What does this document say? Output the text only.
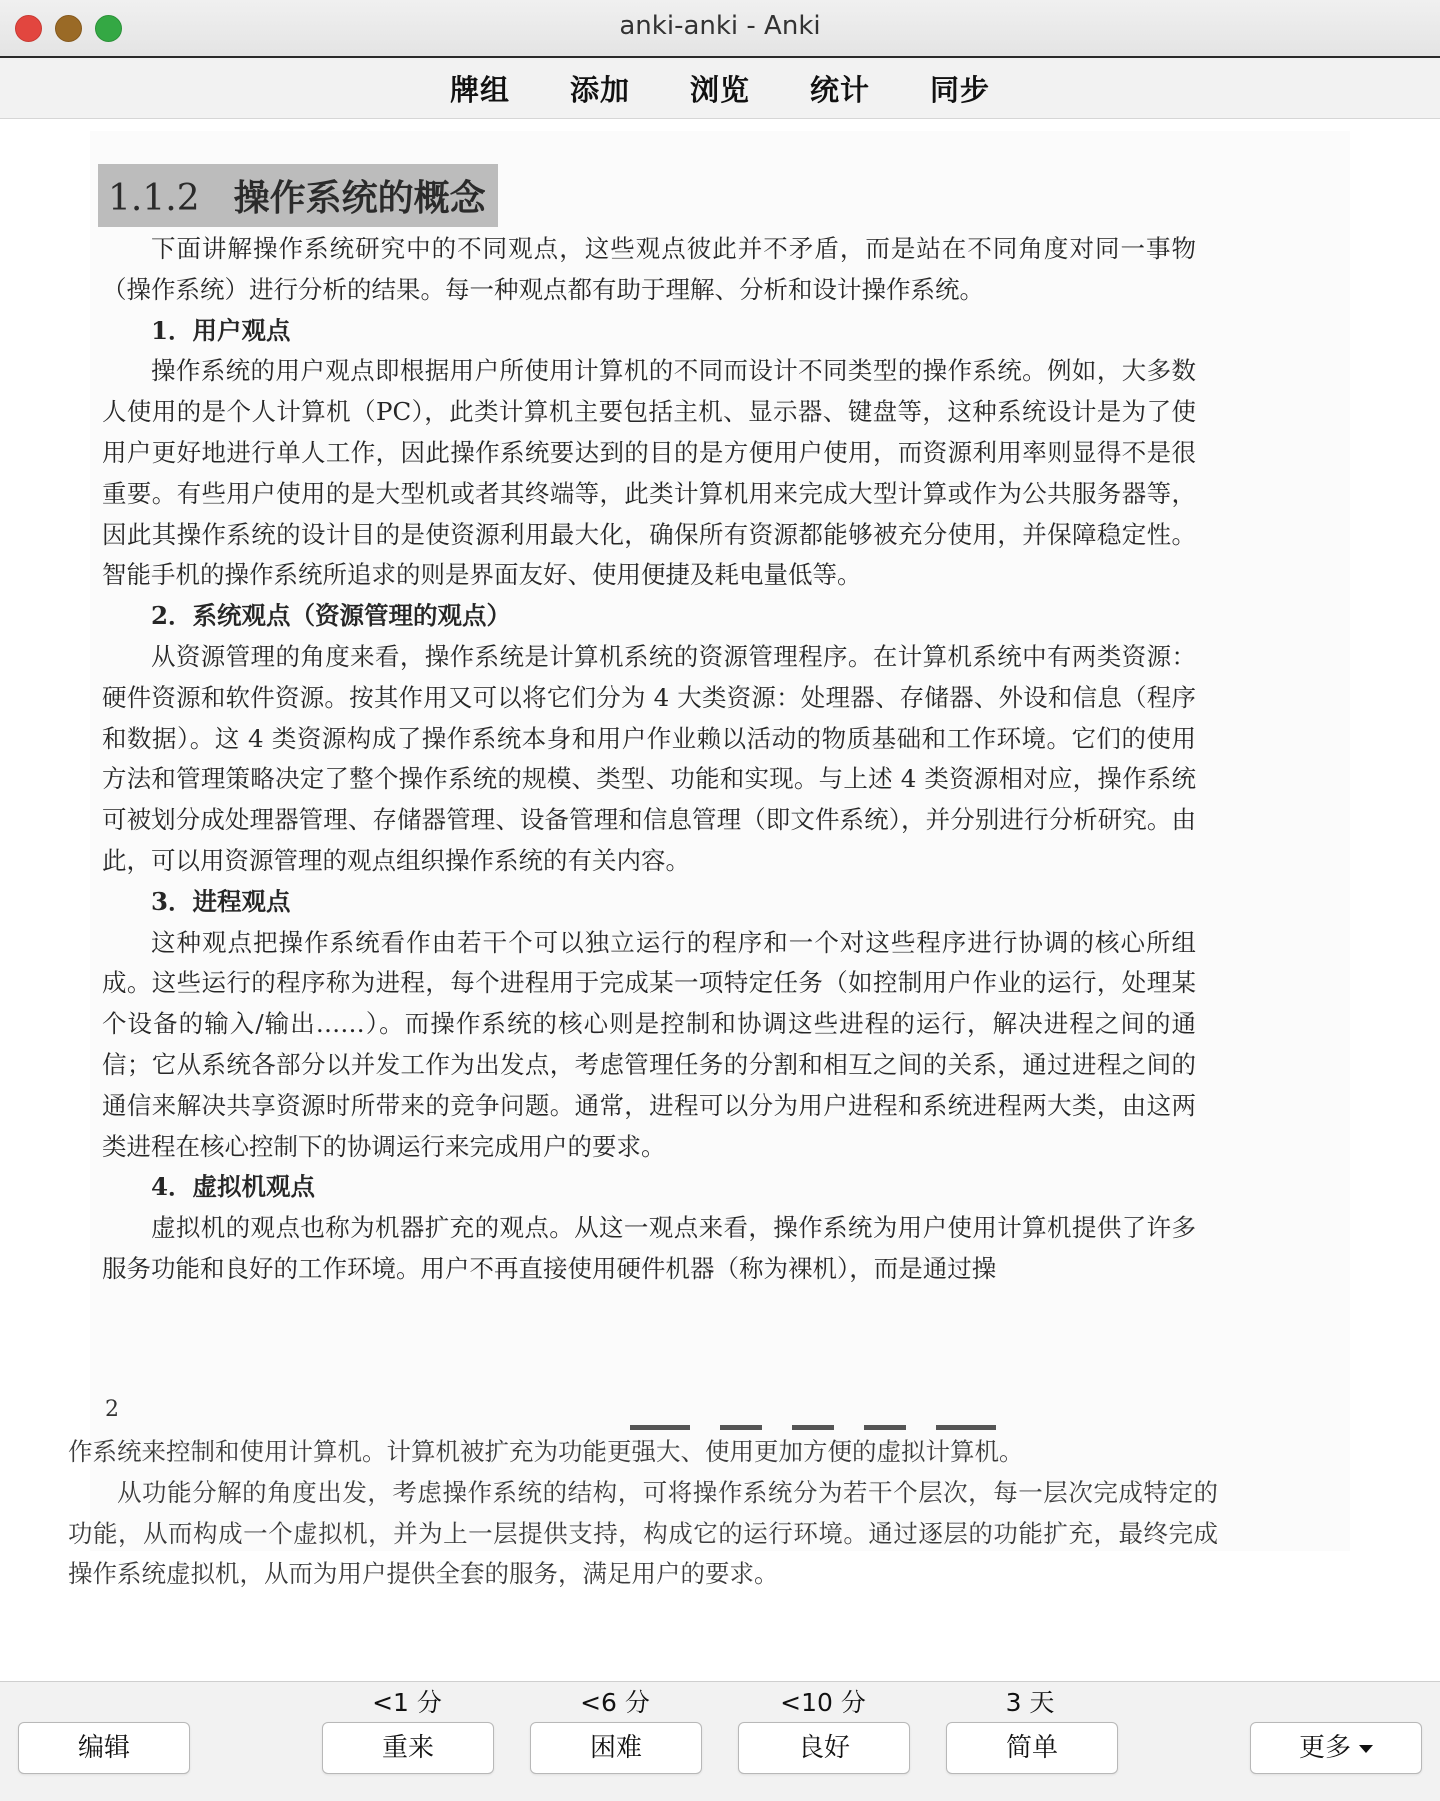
anki-anki - Anki
牌组 添加 浏览 统计 同步
1.1.2 操作系统的概念

下面讲解操作系统研究中的不同观点，这些观点彼此并不矛盾，而是站在不同角度对同一事物（操作系统）进行分析的结果。每一种观点都有助于理解、分析和设计操作系统。

1．用户观点

操作系统的用户观点即根据用户所使用计算机的不同而设计不同类型的操作系统。例如，大多数人使用的是个人计算机（PC），此类计算机主要包括主机、显示器、键盘等，这种系统设计是为了使用户更好地进行单人工作，因此操作系统要达到的目的是方便用户使用，而资源利用率则显得不是很重要。有些用户使用的是大型机或者其终端等，此类计算机用来完成大型计算或作为公共服务器等，因此其操作系统的设计目的是使资源利用最大化，确保所有资源都能够被充分使用，并保障稳定性。智能手机的操作系统所追求的则是界面友好、使用便捷及耗电量低等。

2．系统观点（资源管理的观点）

从资源管理的角度来看，操作系统是计算机系统的资源管理程序。在计算机系统中有两类资源：硬件资源和软件资源。按其作用又可以将它们分为 4 大类资源：处理器、存储器、外设和信息（程序和数据）。这 4 类资源构成了操作系统本身和用户作业赖以活动的物质基础和工作环境。它们的使用方法和管理策略决定了整个操作系统的规模、类型、功能和实现。与上述 4 类资源相对应，操作系统可被划分成处理器管理、存储器管理、设备管理和信息管理（即文件系统），并分别进行分析研究。由此，可以用资源管理的观点组织操作系统的有关内容。

3．进程观点

这种观点把操作系统看作由若干个可以独立运行的程序和一个对这些程序进行协调的核心所组成。这些运行的程序称为进程，每个进程用于完成某一项特定任务（如控制用户作业的运行，处理某个设备的输入/输出……）。而操作系统的核心则是控制和协调这些进程的运行，解决进程之间的通信；它从系统各部分以并发工作为出发点，考虑管理任务的分割和相互之间的关系，通过进程之间的通信来解决共享资源时所带来的竞争问题。通常，进程可以分为用户进程和系统进程两大类，由这两类进程在核心控制下的协调运行来完成用户的要求。

4．虚拟机观点

虚拟机的观点也称为机器扩充的观点。从这一观点来看，操作系统为用户使用计算机提供了许多服务功能和良好的工作环境。用户不再直接使用硬件机器（称为裸机），而是通过操

2

作系统来控制和使用计算机。计算机被扩充为功能更强大、使用更加方便的虚拟计算机。

从功能分解的角度出发，考虑操作系统的结构，可将操作系统分为若干个层次，每一层次完成特定的功能，从而构成一个虚拟机，并为上一层提供支持，构成它的运行环境。通过逐层的功能扩充，最终完成操作系统虚拟机，从而为用户提供全套的服务，满足用户的要求。

<1 分	<6 分	<10 分	3 天
编辑	重来	困难	良好	简单	更多
